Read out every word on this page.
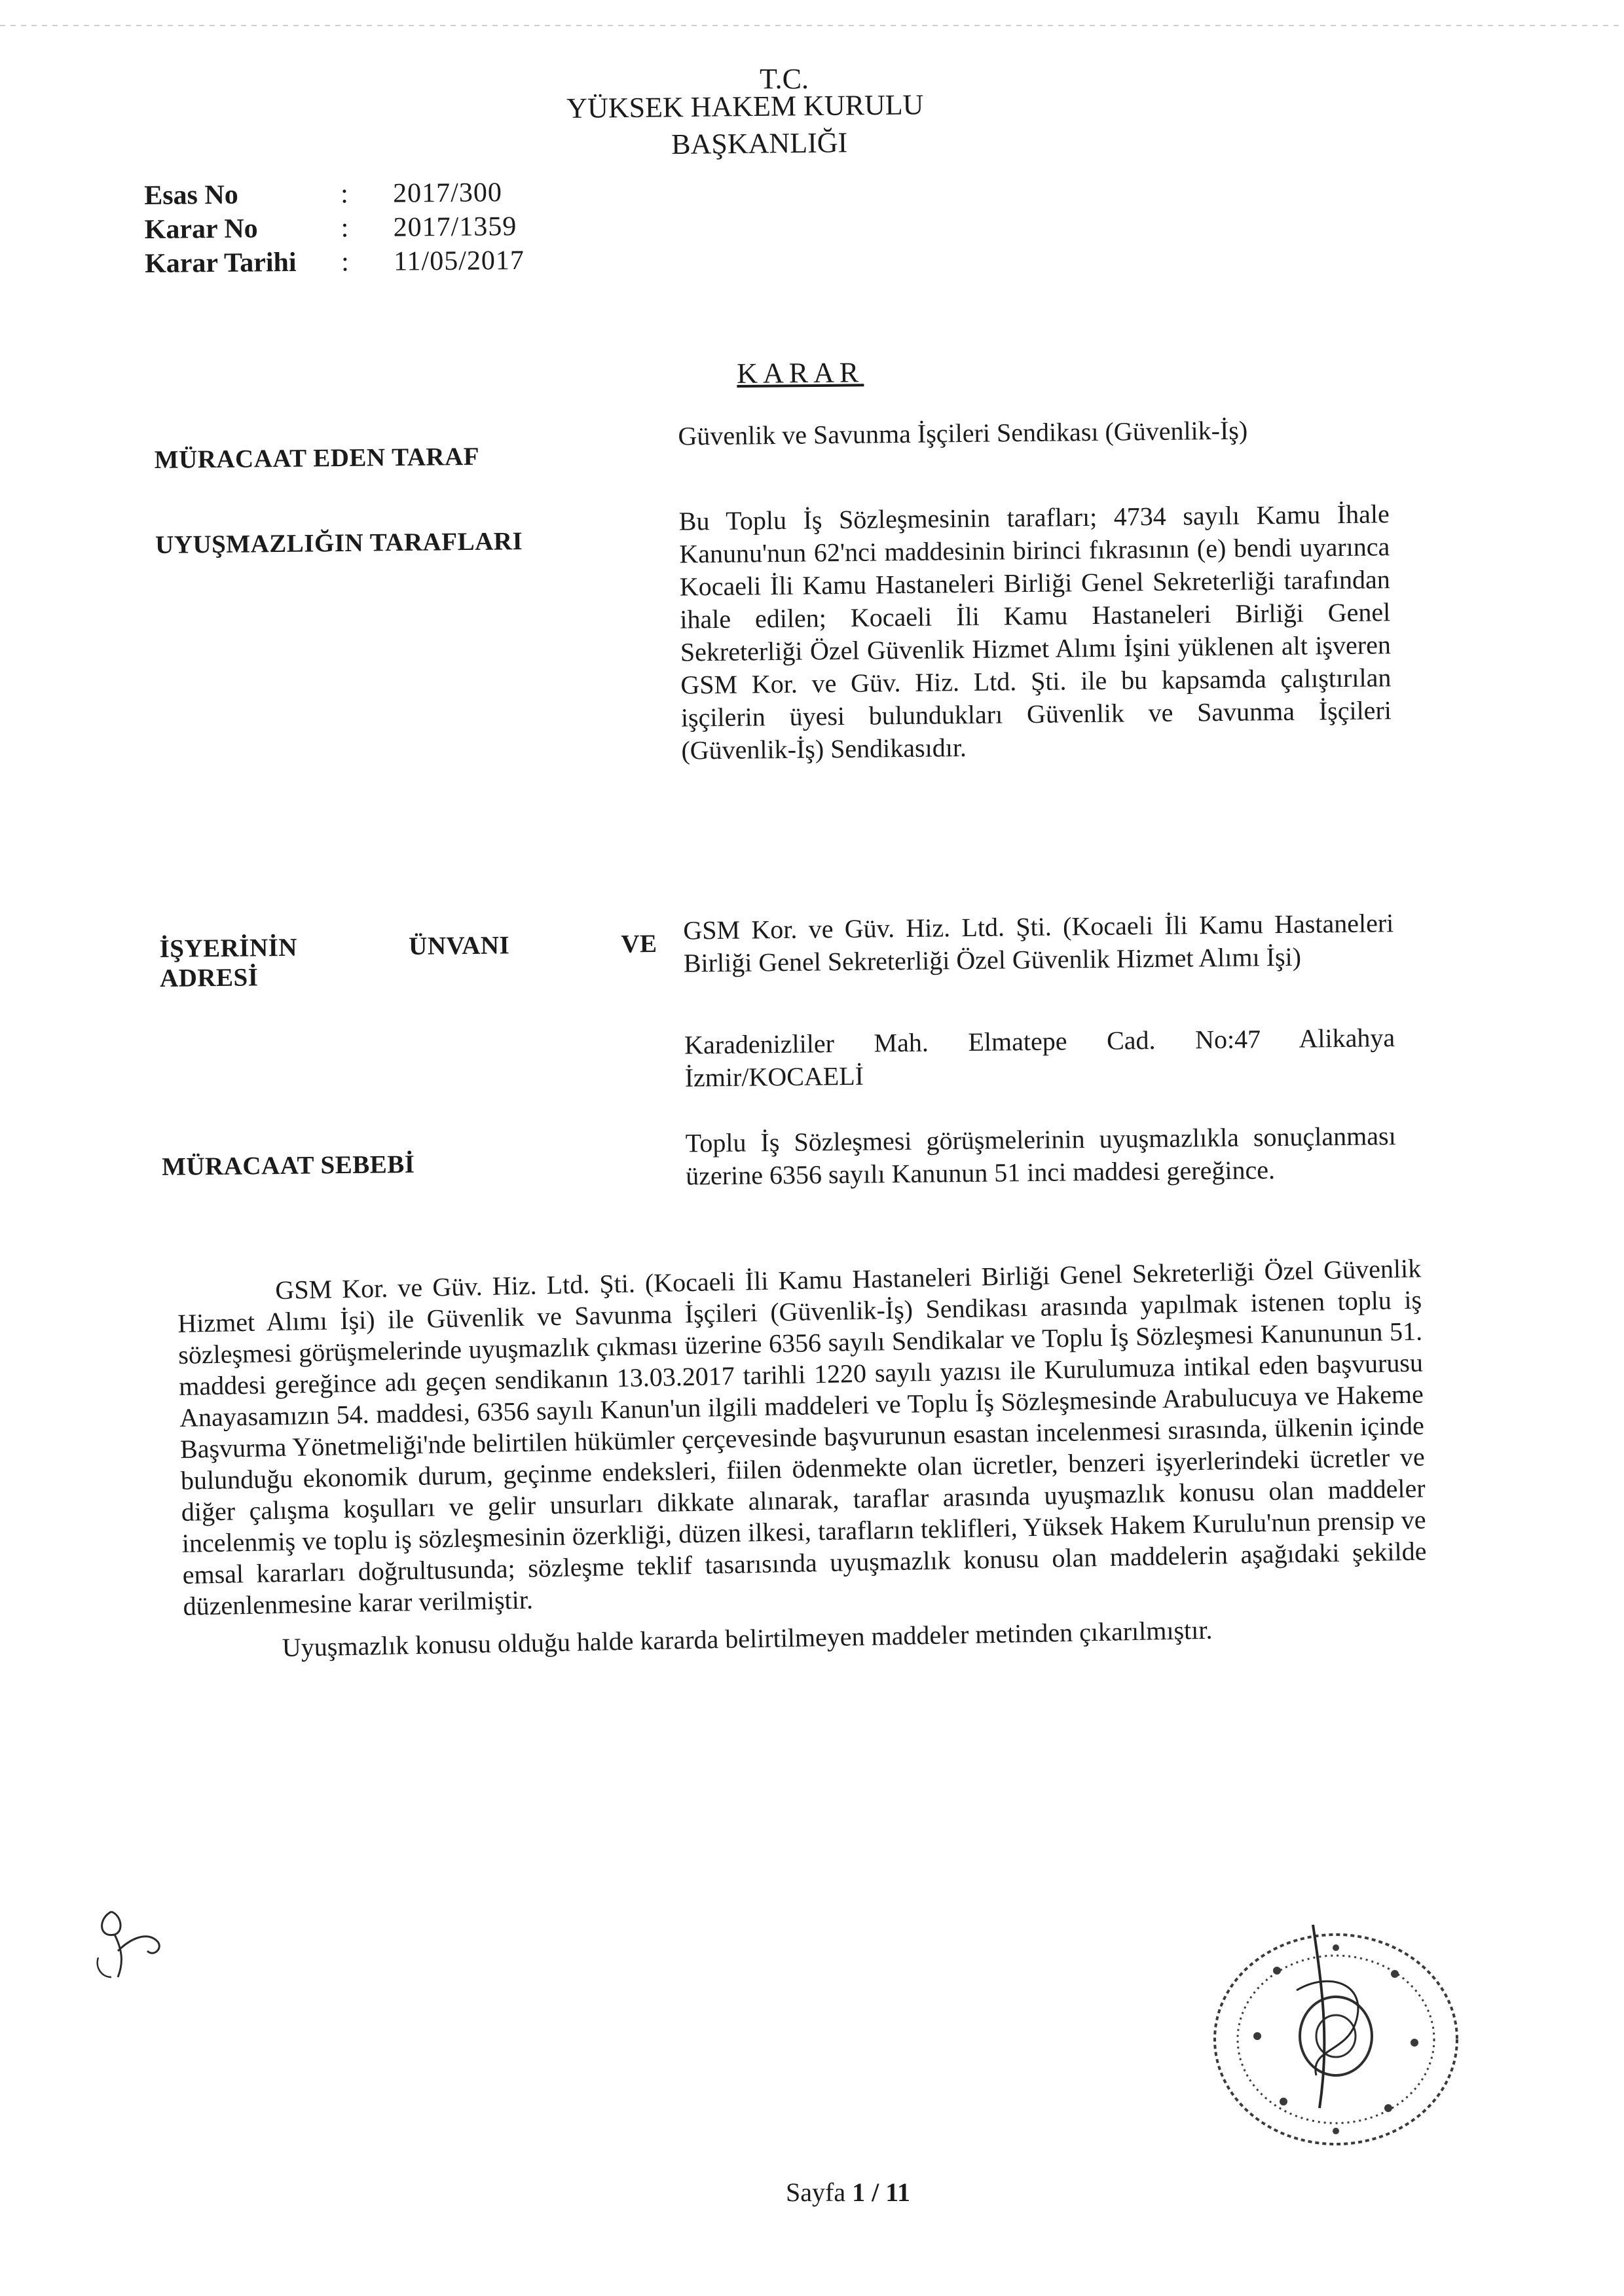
T.C.
YÜKSEK HAKEM KURULU
BAŞKANLIĞI
Esas No	:	2017/300
Karar No	:	2017/1359
Karar Tarihi	:	11/05/2017
KARAR
MÜRACAAT EDEN TARAF
Güvenlik ve Savunma İşçileri Sendikası (Güvenlik-İş)
UYUŞMAZLIĞIN TARAFLARI
Bu Toplu İş Sözleşmesinin tarafları; 4734 sayılı Kamu İhale Kanunu'nun 62'nci maddesinin birinci fıkrasının (e) bendi uyarınca Kocaeli İli Kamu Hastaneleri Birliği Genel Sekreterliği tarafından ihale edilen; Kocaeli İli Kamu Hastaneleri Birliği Genel Sekreterliği Özel Güvenlik Hizmet Alımı İşini yüklenen alt işveren GSM Kor. ve Güv. Hiz. Ltd. Şti. ile bu kapsamda çalıştırılan işçilerin üyesi bulundukları Güvenlik ve Savunma İşçileri (Güvenlik-İş) Sendikasıdır.
İŞYERİNİN	ÜNVANI	VE
ADRESİ
GSM Kor. ve Güv. Hiz. Ltd. Şti. (Kocaeli İli Kamu Hastaneleri Birliği Genel Sekreterliği Özel Güvenlik Hizmet Alımı İşi)
Karadenizliler Mah. Elmatepe Cad. No:47 Alikahya İzmir/KOCAELİ
MÜRACAAT SEBEBİ
Toplu İş Sözleşmesi görüşmelerinin uyuşmazlıkla sonuçlanması üzerine 6356 sayılı Kanunun 51 inci maddesi gereğince.

GSM Kor. ve Güv. Hiz. Ltd. Şti. (Kocaeli İli Kamu Hastaneleri Birliği Genel Sekreterliği Özel Güvenlik Hizmet Alımı İşi) ile Güvenlik ve Savunma İşçileri (Güvenlik-İş) Sendikası arasında yapılmak istenen toplu iş sözleşmesi görüşmelerinde uyuşmazlık çıkması üzerine 6356 sayılı Sendikalar ve Toplu İş Sözleşmesi Kanununun 51. maddesi gereğince adı geçen sendikanın 13.03.2017 tarihli 1220 sayılı yazısı ile Kurulumuza intikal eden başvurusu Anayasamızın 54. maddesi, 6356 sayılı Kanun'un ilgili maddeleri ve Toplu İş Sözleşmesinde Arabulucuya ve Hakeme Başvurma Yönetmeliği'nde belirtilen hükümler çerçevesinde başvurunun esastan incelenmesi sırasında, ülkenin içinde bulunduğu ekonomik durum, geçinme endeksleri, fiilen ödenmekte olan ücretler, benzeri işyerlerindeki ücretler ve diğer çalışma koşulları ve gelir unsurları dikkate alınarak, taraflar arasında uyuşmazlık konusu olan maddeler incelenmiş ve toplu iş sözleşmesinin özerkliği, düzen ilkesi, tarafların teklifleri, Yüksek Hakem Kurulu'nun prensip ve emsal kararları doğrultusunda; sözleşme teklif tasarısında uyuşmazlık konusu olan maddelerin aşağıdaki şekilde düzenlenmesine karar verilmiştir.

Uyuşmazlık konusu olduğu halde kararda belirtilmeyen maddeler metinden çıkarılmıştır.

Sayfa 1 / 11
